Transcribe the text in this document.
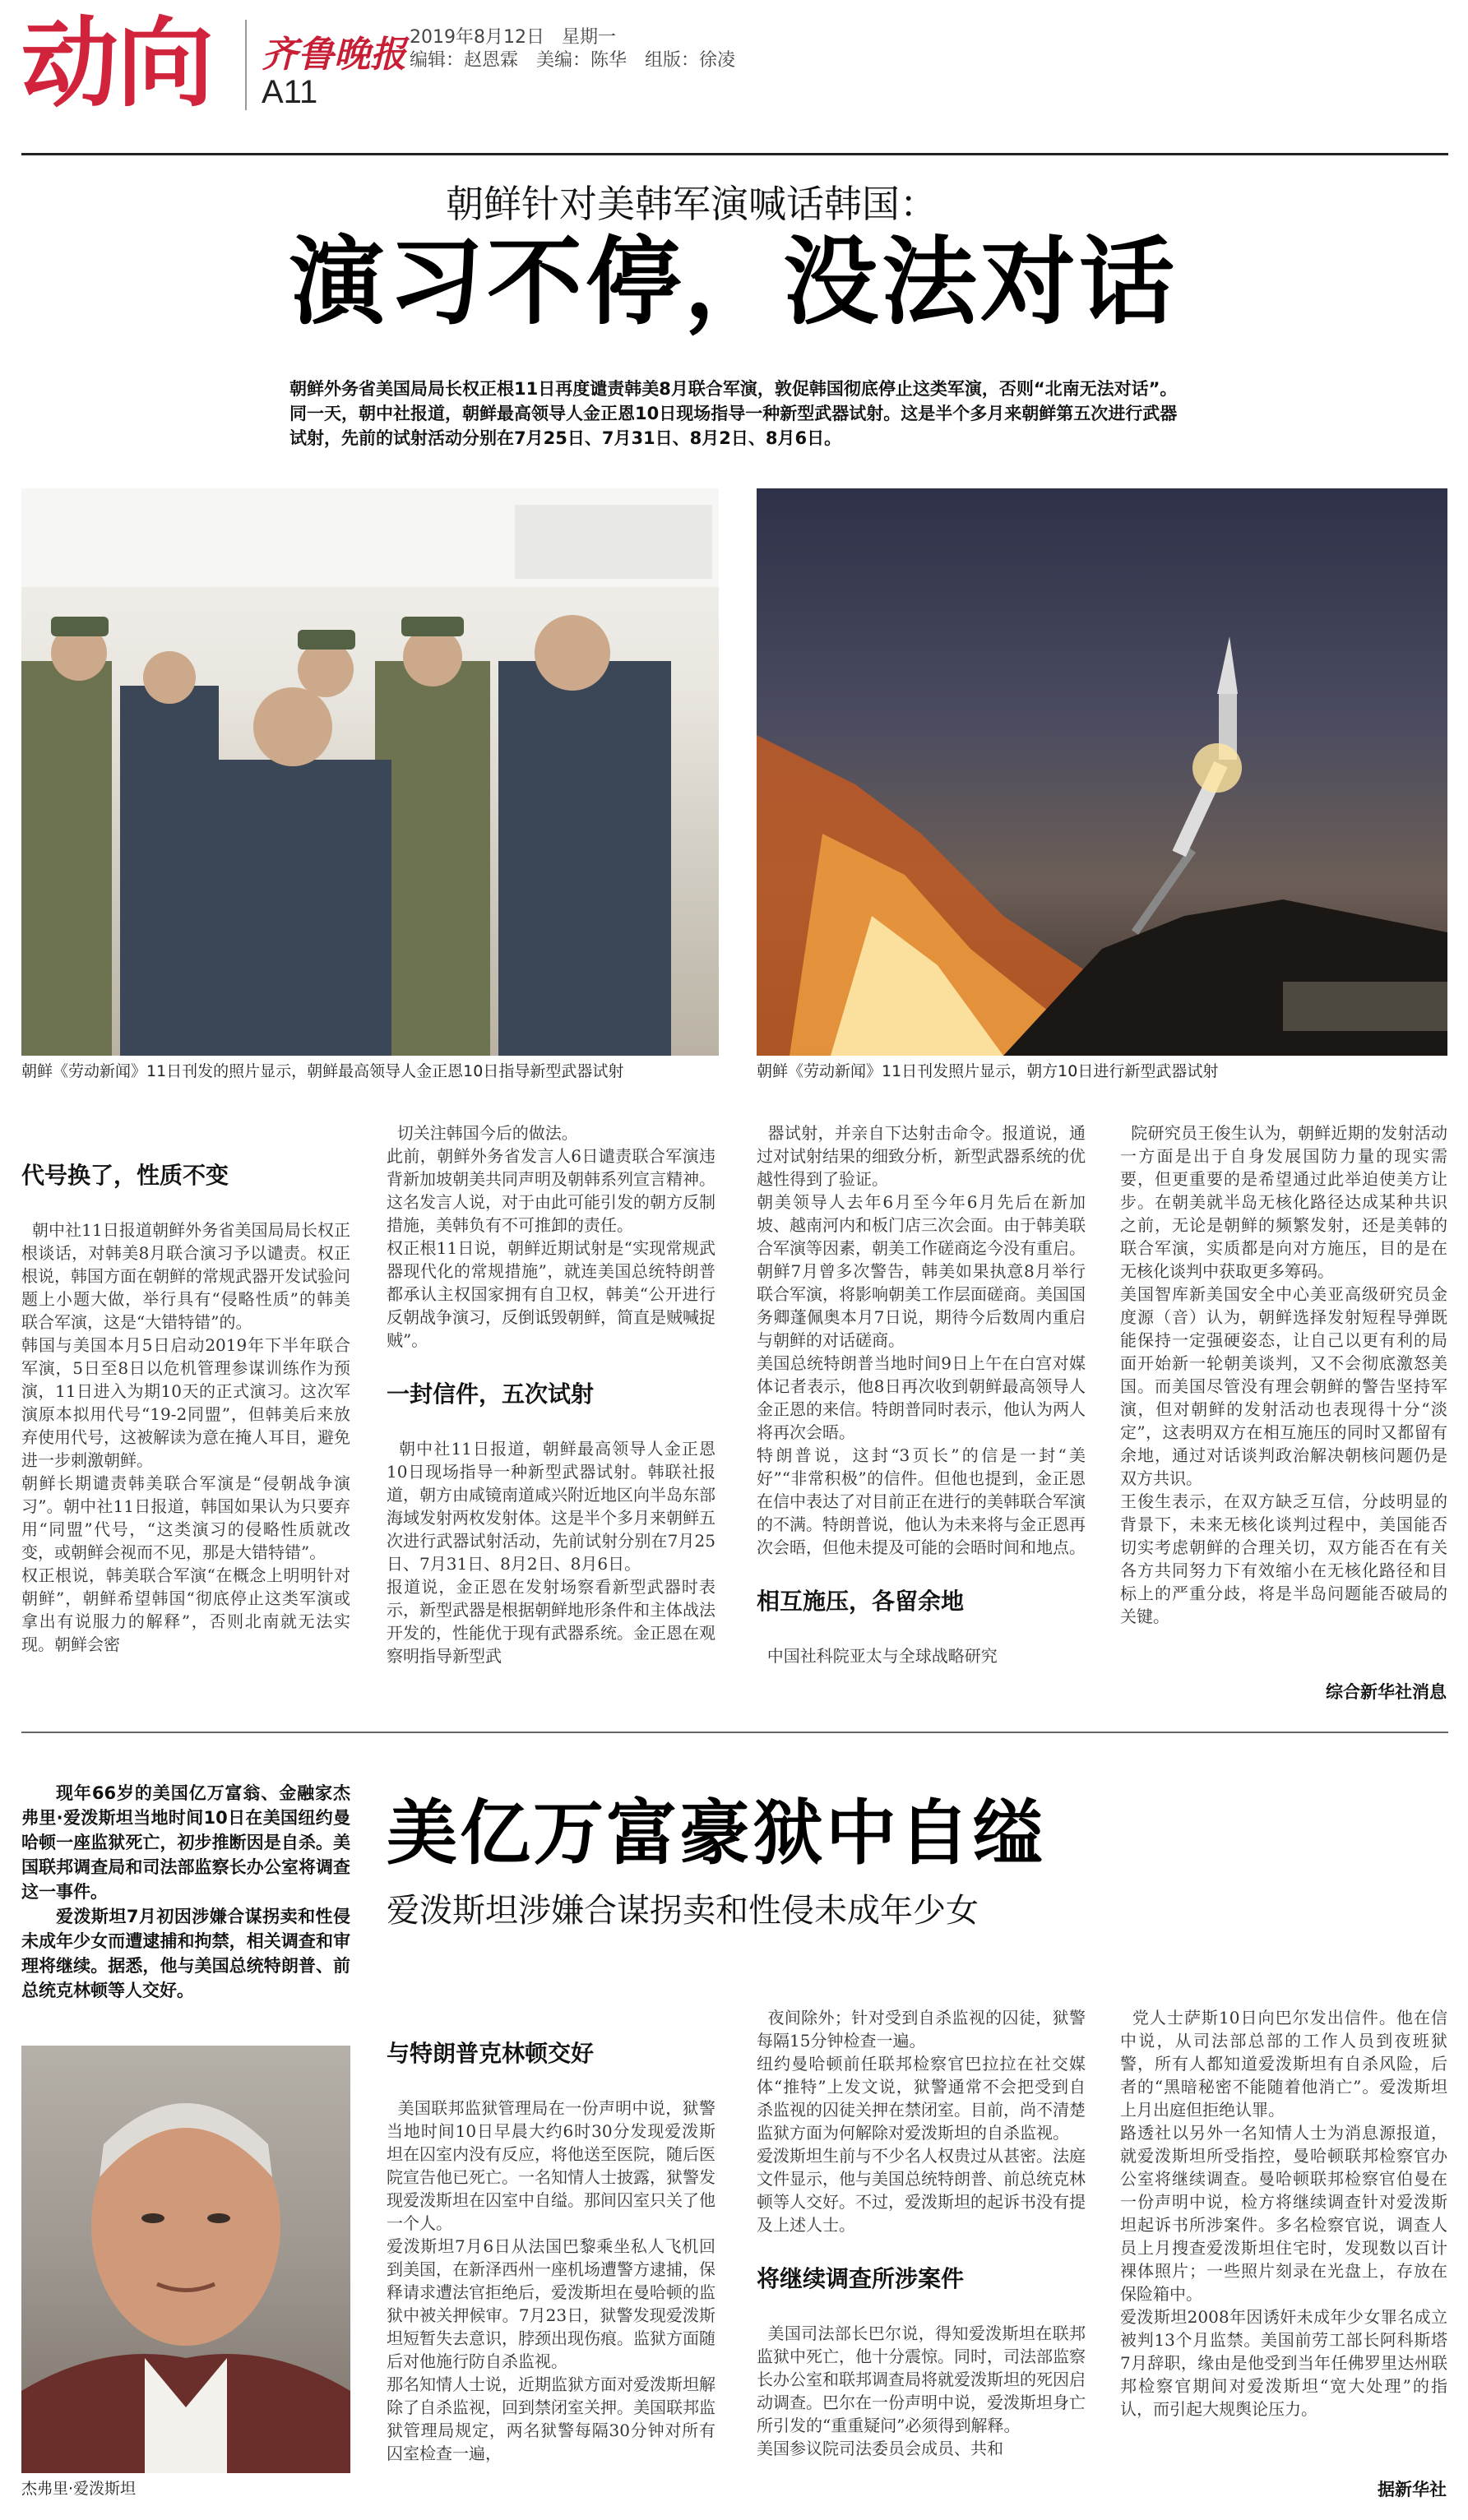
动向 齐鲁晚报
A11
2019年8月12日 星期一
编辑：赵恩霖　美编：陈华　组版：徐凌
朝鲜针对美韩军演喊话韩国：
演习不停，没法对话
朝鲜外务省美国局局长权正根11日再度谴责韩美8月联合军演，敦促韩国彻底停止这类军演，否则“北南无法对话”。同一天，朝中社报道，朝鲜最高领导人金正恩10日现场指导一种新型武器试射。这是半个多月来朝鲜第五次进行武器试射，先前的试射活动分别在7月25日、7月31日、8月2日、8月6日。
朝鲜《劳动新闻》11日刊发的照片显示，朝鲜最高领导人金正恩10日指导新型武器试射	朝鲜《劳动新闻》11日刊发照片显示，朝方10日进行新型武器试射

代号换了，性质不变

朝中社11日报道朝鲜外务省美国局局长权正根谈话，对韩美8月联合演习予以谴责。权正根说，韩国方面在朝鲜的常规武器开发试验问题上小题大做，举行具有“侵略性质”的韩美联合军演，这是“大错特错”的。
韩国与美国本月5日启动2019年下半年联合军演，5日至8日以危机管理参谋训练作为预演，11日进入为期10天的正式演习。这次军演原本拟用代号“19-2同盟”，但韩美后来放弃使用代号，这被解读为意在掩人耳目，避免进一步刺激朝鲜。
朝鲜长期谴责韩美联合军演是“侵朝战争演习”。朝中社11日报道，韩国如果认为只要弃用“同盟”代号，“这类演习的侵略性质就改变，或朝鲜会视而不见，那是大错特错”。
权正根说，韩美联合军演“在概念上明明针对朝鲜”，朝鲜希望韩国“彻底停止这类军演或拿出有说服力的解释”，否则北南就无法实现。朝鲜会密

切关注韩国今后的做法。
此前，朝鲜外务省发言人6日谴责联合军演违背新加坡朝美共同声明及朝韩系列宣言精神。这名发言人说，对于由此可能引发的朝方反制措施，美韩负有不可推卸的责任。
权正根11日说，朝鲜近期试射是“实现常规武器现代化的常规措施”，就连美国总统特朗普都承认主权国家拥有自卫权，韩美“公开进行反朝战争演习，反倒诋毁朝鲜，简直是贼喊捉贼”。

一封信件，五次试射

朝中社11日报道，朝鲜最高领导人金正恩10日现场指导一种新型武器试射。韩联社报道，朝方由咸镜南道咸兴附近地区向半岛东部海域发射两枚发射体。这是半个多月来朝鲜五次进行武器试射活动，先前试射分别在7月25日、7月31日、8月2日、8月6日。
报道说，金正恩在发射场察看新型武器时表示，新型武器是根据朝鲜地形条件和主体战法开发的，性能优于现有武器系统。金正恩在观察明指导新型武

器试射，并亲自下达射击命令。报道说，通过对试射结果的细致分析，新型武器系统的优越性得到了验证。
朝美领导人去年6月至今年6月先后在新加坡、越南河内和板门店三次会面。由于韩美联合军演等因素，朝美工作磋商迄今没有重启。朝鲜7月曾多次警告，韩美如果执意8月举行联合军演，将影响朝美工作层面磋商。美国国务卿蓬佩奥本月7日说，期待今后数周内重启与朝鲜的对话磋商。
美国总统特朗普当地时间9日上午在白宫对媒体记者表示，他8日再次收到朝鲜最高领导人金正恩的来信。特朗普同时表示，他认为两人将再次会晤。
特朗普说，这封“3页长”的信是一封“美好”“非常积极”的信件。但他也提到，金正恩在信中表达了对目前正在进行的美韩联合军演的不满。特朗普说，他认为未来将与金正恩再次会晤，但他未提及可能的会晤时间和地点。

相互施压，各留余地

中国社科院亚太与全球战略研究

院研究员王俊生认为，朝鲜近期的发射活动一方面是出于自身发展国防力量的现实需要，但更重要的是希望通过此举迫使美方让步。在朝美就半岛无核化路径达成某种共识之前，无论是朝鲜的频繁发射，还是美韩的联合军演，实质都是向对方施压，目的是在无核化谈判中获取更多筹码。
美国智库新美国安全中心美亚高级研究员金度源（音）认为，朝鲜选择发射短程导弹既能保持一定强硬姿态，让自己以更有利的局面开始新一轮朝美谈判，又不会彻底激怒美国。而美国尽管没有理会朝鲜的警告坚持军演，但对朝鲜的发射活动也表现得十分“淡定”，这表明双方在相互施压的同时又都留有余地，通过对话谈判政治解决朝核问题仍是双方共识。
王俊生表示，在双方缺乏互信，分歧明显的背景下，未来无核化谈判过程中，美国能否切实考虑朝鲜的合理关切，双方能否在有关各方共同努力下有效缩小在无核化路径和目标上的严重分歧，将是半岛问题能否破局的关键。

综合新华社消息
现年66岁的美国亿万富翁、金融家杰弗里·爱泼斯坦当地时间10日在美国纽约曼哈顿一座监狱死亡，初步推断因是自杀。美国联邦调查局和司法部监察长办公室将调查这一事件。
爱泼斯坦7月初因涉嫌合谋拐卖和性侵未成年少女而遭逮捕和拘禁，相关调查和审理将继续。据悉，他与美国总统特朗普、前总统克林顿等人交好。
美亿万富豪狱中自缢
爱泼斯坦涉嫌合谋拐卖和性侵未成年少女
杰弗里·爱泼斯坦

与特朗普克林顿交好

美国联邦监狱管理局在一份声明中说，狱警当地时间10日早晨大约6时30分发现爱泼斯坦在囚室内没有反应，将他送至医院，随后医院宣告他已死亡。一名知情人士披露，狱警发现爱泼斯坦在囚室中自缢。那间囚室只关了他一个人。
爱泼斯坦7月6日从法国巴黎乘坐私人飞机回到美国，在新泽西州一座机场遭警方逮捕，保释请求遭法官拒绝后，爱泼斯坦在曼哈顿的监狱中被关押候审。7月23日，狱警发现爱泼斯坦短暂失去意识，脖颈出现伤痕。监狱方面随后对他施行防自杀监视。
那名知情人士说，近期监狱方面对爱泼斯坦解除了自杀监视，回到禁闭室关押。美国联邦监狱管理局规定，两名狱警每隔30分钟对所有囚室检查一遍，

夜间除外；针对受到自杀监视的囚徒，狱警每隔15分钟检查一遍。
纽约曼哈顿前任联邦检察官巴拉拉在社交媒体“推特”上发文说，狱警通常不会把受到自杀监视的囚徒关押在禁闭室。目前，尚不清楚监狱方面为何解除对爱泼斯坦的自杀监视。
爱泼斯坦生前与不少名人权贵过从甚密。法庭文件显示，他与美国总统特朗普、前总统克林顿等人交好。不过，爱泼斯坦的起诉书没有提及上述人士。

将继续调查所涉案件

美国司法部长巴尔说，得知爱泼斯坦在联邦监狱中死亡，他十分震惊。同时，司法部监察长办公室和联邦调查局将就爱泼斯坦的死因启动调查。巴尔在一份声明中说，爱泼斯坦身亡所引发的“重重疑问”必须得到解释。
美国参议院司法委员会成员、共和

党人士萨斯10日向巴尔发出信件。他在信中说，从司法部总部的工作人员到夜班狱警，所有人都知道爱泼斯坦有自杀风险，后者的“黑暗秘密不能随着他消亡”。爱泼斯坦上月出庭但拒绝认罪。
路透社以另外一名知情人士为消息源报道，就爱泼斯坦所受指控，曼哈顿联邦检察官办公室将继续调查。曼哈顿联邦检察官伯曼在一份声明中说，检方将继续调查针对爱泼斯坦起诉书所涉案件。多名检察官说，调查人员上月搜查爱泼斯坦住宅时，发现数以百计裸体照片；一些照片刻录在光盘上，存放在保险箱中。
爱泼斯坦2008年因诱奸未成年少女罪名成立被判13个月监禁。美国前劳工部长阿科斯塔7月辞职，缘由是他受到当年任佛罗里达州联邦检察官期间对爱泼斯坦“宽大处理”的指认，而引起大规舆论压力。

据新华社
